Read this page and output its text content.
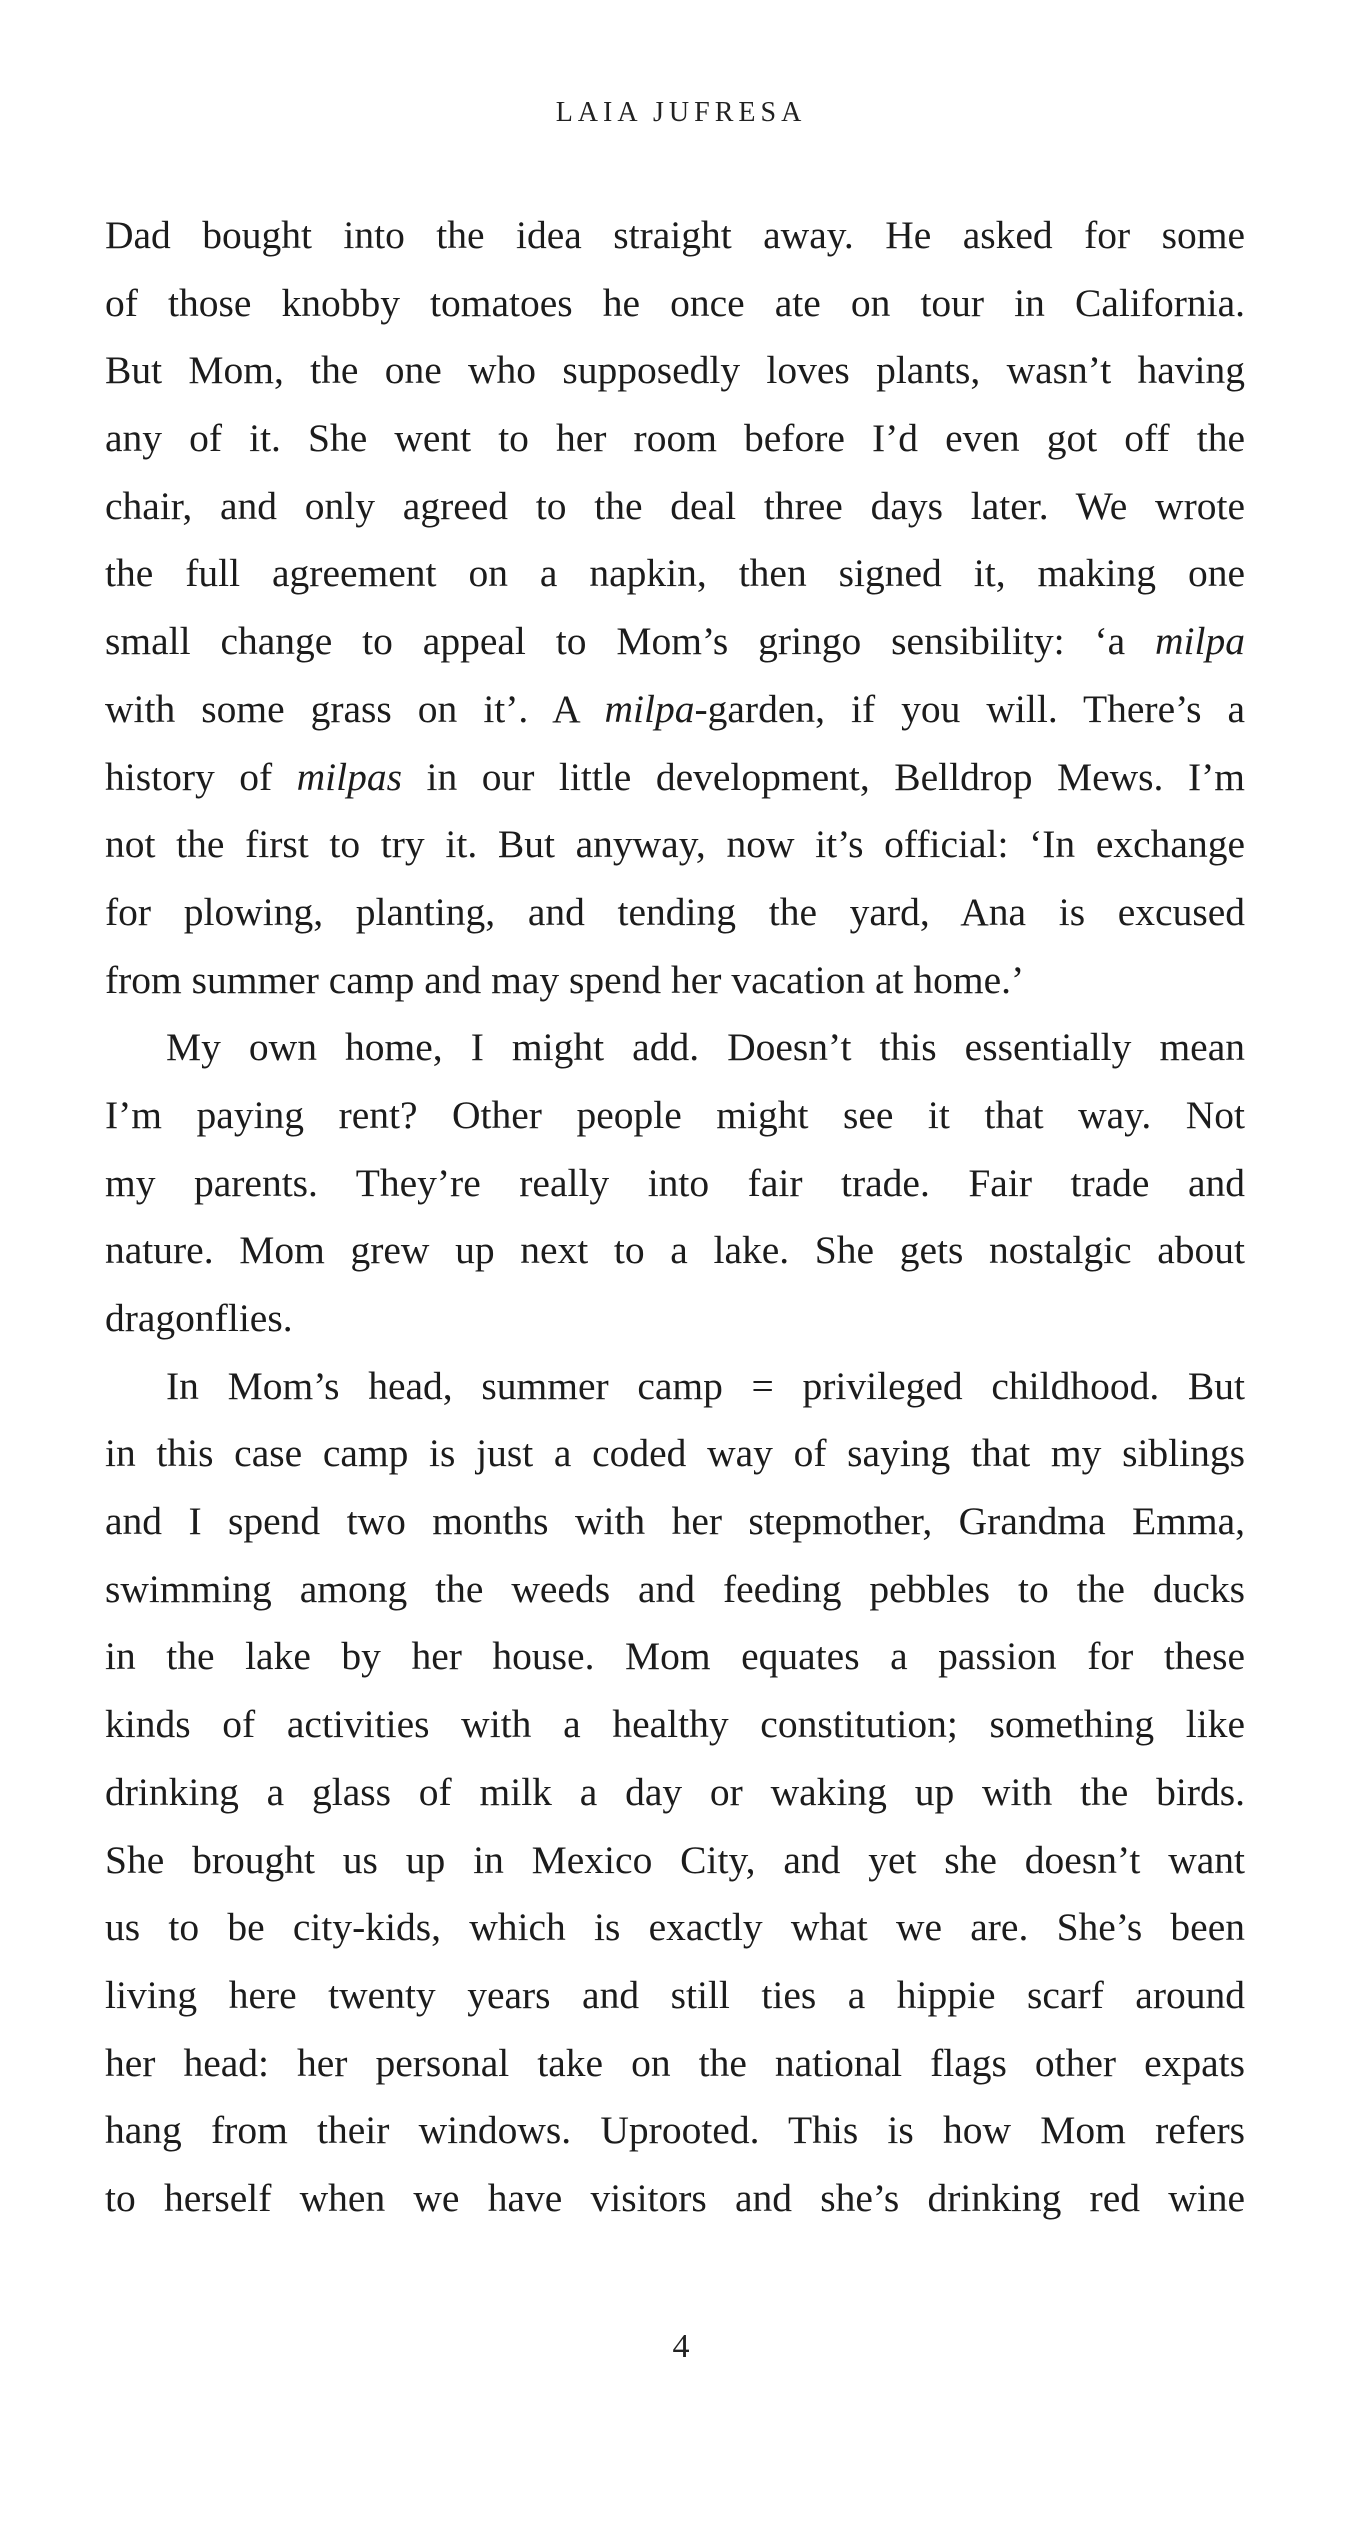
LAIA JUFRESA
Dad bought into the idea straight away. He asked for some
of those knobby tomatoes he once ate on tour in California.
But Mom, the one who supposedly loves plants, wasn’t having
any of it. She went to her room before I’d even got off the
chair, and only agreed to the deal three days later. We wrote
the full agreement on a napkin, then signed it, making one
small change to appeal to Mom’s gringo sensibility: ‘a milpa
with some grass on it’. A milpa-garden, if you will. There’s a
history of milpas in our little development, Belldrop Mews. I’m
not the first to try it. But anyway, now it’s official: ‘In exchange
for plowing, planting, and tending the yard, Ana is excused
from summer camp and may spend her vacation at home.’
My own home, I might add. Doesn’t this essentially mean
I’m paying rent? Other people might see it that way. Not
my parents. They’re really into fair trade. Fair trade and
nature. Mom grew up next to a lake. She gets nostalgic about
dragonflies.
In Mom’s head, summer camp = privileged childhood. But
in this case camp is just a coded way of saying that my siblings
and I spend two months with her stepmother, Grandma Emma,
swimming among the weeds and feeding pebbles to the ducks
in the lake by her house. Mom equates a passion for these
kinds of activities with a healthy constitution; something like
drinking a glass of milk a day or waking up with the birds.
She brought us up in Mexico City, and yet she doesn’t want
us to be city-kids, which is exactly what we are. She’s been
living here twenty years and still ties a hippie scarf around
her head: her personal take on the national flags other expats
hang from their windows. Uprooted. This is how Mom refers
to herself when we have visitors and she’s drinking red wine
4
